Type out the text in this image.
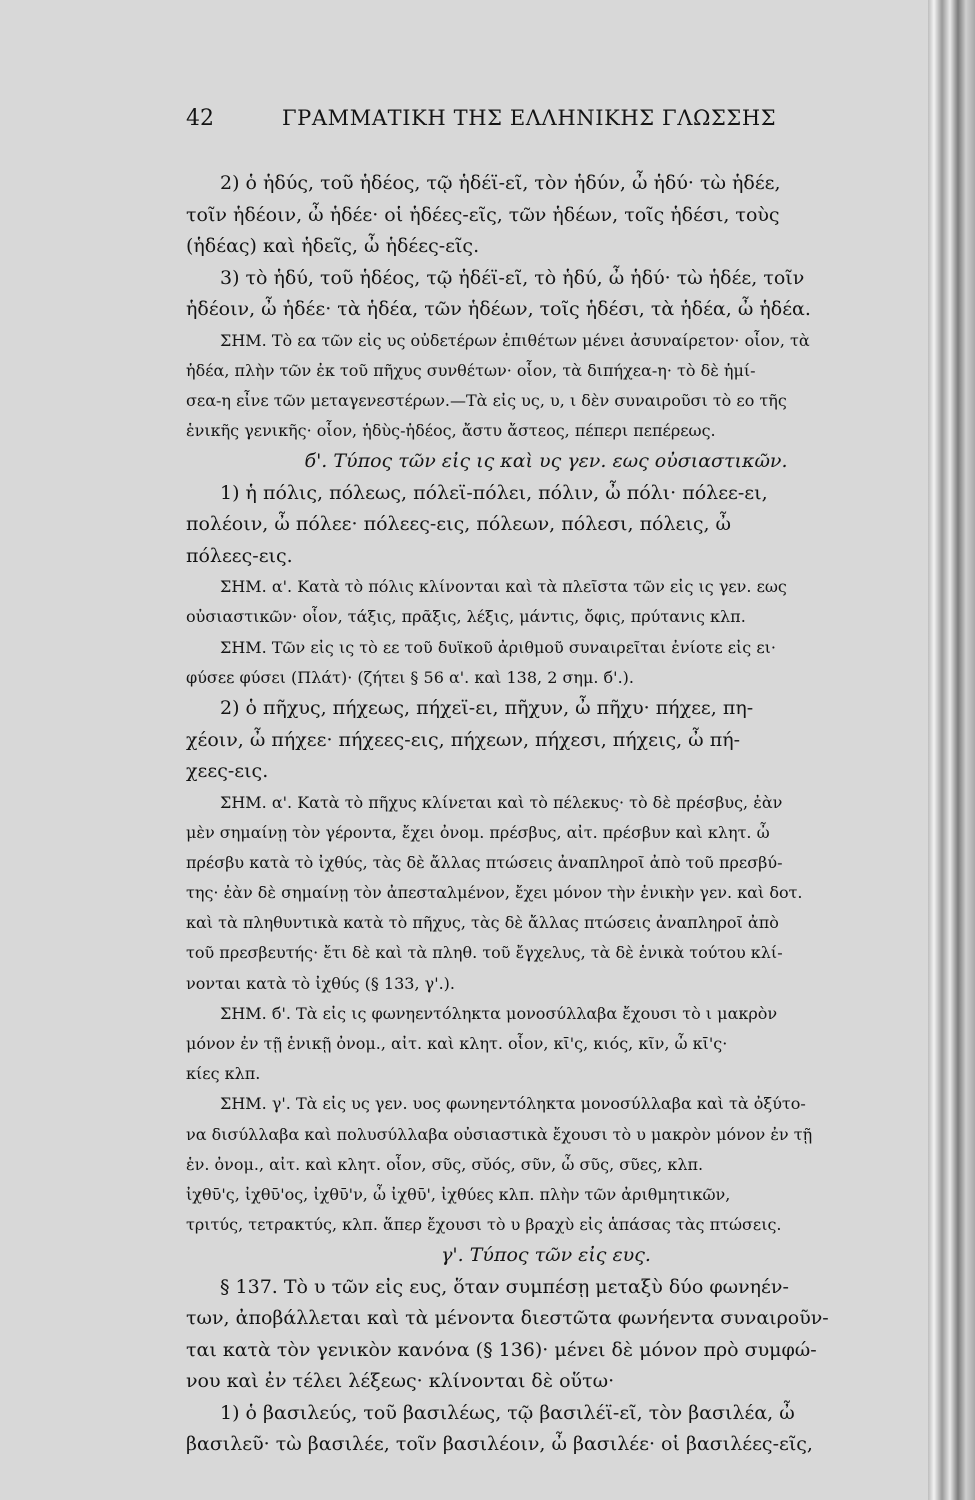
42	ΓΡΑΜΜΑΤΙΚΗ ΤΗΣ ΕΛΛΗΝΙΚΗΣ ΓΛΩΣΣΗΣ
2) ὁ ἡδύς, τοῦ ἡδέος, τῷ ἡδέϊ-εῖ, τὸν ἡδύν, ὦ ἡδύ· τὼ ἡδέε,
τοῖν ἡδέοιν, ὦ ἡδέε· οἱ ἡδέες-εῖς, τῶν ἡδέων, τοῖς ἡδέσι, τοὺς
(ἡδέας) καὶ ἡδεῖς, ὦ ἡδέες-εῖς.
3) τὸ ἡδύ, τοῦ ἡδέος, τῷ ἡδέϊ-εῖ, τὸ ἡδύ, ὦ ἡδύ· τὼ ἡδέε, τοῖν
ἡδέοιν, ὦ ἡδέε· τὰ ἡδέα, τῶν ἡδέων, τοῖς ἡδέσι, τὰ ἡδέα, ὦ ἡδέα.
ΣΗΜ. Τὸ εα τῶν εἰς υς οὐδετέρων ἐπιθέτων μένει ἀσυναίρετον· οἷον, τὰ
ἡδέα, πλὴν τῶν ἐκ τοῦ πῆχυς συνθέτων· οἷον, τὰ διπήχεα-η· τὸ δὲ ἡμί-
σεα-η εἶνε τῶν μεταγενεστέρων.—Τὰ εἰς υς, υ, ι δὲν συναιροῦσι τὸ εο τῆς
ἑνικῆς γενικῆς· οἷον, ἡδὺς-ἡδέος, ἄστυ ἄστεος, πέπερι πεπέρεως.
б'. Τύπος τῶν εἰς ις καὶ υς γεν. εως οὐσιαστικῶν.
1) ἡ πόλις, πόλεως, πόλεϊ-πόλει, πόλιν, ὦ πόλι· πόλεε-ει,
πολέοιν, ὦ πόλεε· πόλεες-εις, πόλεων, πόλεσι, πόλεις, ὦ
πόλεες-εις.
ΣΗΜ. α'. Κατὰ τὸ πόλις κλίνονται καὶ τὰ πλεῖστα τῶν εἰς ις γεν. εως
οὐσιαστικῶν· οἷον, τάξις, πρᾶξις, λέξις, μάντις, ὄφις, πρύτανις κλπ.
ΣΗΜ. Τῶν εἰς ις τὸ εε τοῦ δυϊκοῦ ἀριθμοῦ συναιρεῖται ἐνίοτε εἰς ει·
φύσεε φύσει (Πλάτ)· (ζήτει § 56 α'. καὶ 138, 2 σημ. б'.).
2) ὁ πῆχυς, πήχεως, πήχεϊ-ει, πῆχυν, ὦ πῆχυ· πήχεε, πη-
χέοιν, ὦ πήχεε· πήχεες-εις, πήχεων, πήχεσι, πήχεις, ὦ πή-
χεες-εις.
ΣΗΜ. α'. Κατὰ τὸ πῆχυς κλίνεται καὶ τὸ πέλεκυς· τὸ δὲ πρέσβυς, ἐὰν
μὲν σημαίνῃ τὸν γέροντα, ἔχει ὀνομ. πρέσβυς, αἰτ. πρέσβυν καὶ κλητ. ὦ
πρέσβυ κατὰ τὸ ἰχθύς, τὰς δὲ ἄλλας πτώσεις ἀναπληροῖ ἀπὸ τοῦ πρεσβύ-
της· ἐὰν δὲ σημαίνῃ τὸν ἀπεσταλμένον, ἔχει μόνον τὴν ἑνικὴν γεν. καὶ δοτ.
καὶ τὰ πληθυντικὰ κατὰ τὸ πῆχυς, τὰς δὲ ἄλλας πτώσεις ἀναπληροῖ ἀπὸ
τοῦ πρεσβευτής· ἔτι δὲ καὶ τὰ πληθ. τοῦ ἔγχελυς, τὰ δὲ ἑνικὰ τούτου κλί-
νονται κατὰ τὸ ἰχθύς (§ 133, γ'.).
ΣΗΜ. б'. Τὰ εἰς ις φωνηεντόληκτα μονοσύλλαβα ἔχουσι τὸ ι μακρὸν
μόνον ἐν τῇ ἑνικῇ ὀνομ., αἰτ. καὶ κλητ. οἷον, κῑ'ς, κιός, κῖν, ὦ κῑ'ς·
κίες κλπ.
ΣΗΜ. γ'. Τὰ εἰς υς γεν. υος φωνηεντόληκτα μονοσύλλαβα καὶ τὰ ὀξύτο-
να δισύλλαβα καὶ πολυσύλλαβα οὐσιαστικὰ ἔχουσι τὸ υ μακρὸν μόνον ἐν τῇ
ἑν. ὀνομ., αἰτ. καὶ κλητ. οἷον, σῦς, σῠός, σῦν, ὦ σῦς, σῦες, κλπ.
ἰχθῡ'ς, ἰχθῡ'ος, ἰχθῡ'ν, ὦ ἰχθῡ', ἰχθύες κλπ. πλὴν τῶν ἀριθμητικῶν,
τριτύς, τετρακτύς, κλπ. ἅπερ ἔχουσι τὸ υ βραχὺ εἰς ἁπάσας τὰς πτώσεις.
γ'. Τύπος τῶν εἰς ευς.
§ 137. Τὸ υ τῶν εἰς ευς, ὅταν συμπέσῃ μεταξὺ δύο φωνηέν-
των, ἀποβάλλεται καὶ τὰ μένοντα διεστῶτα φωνήεντα συναιροῦν-
ται κατὰ τὸν γενικὸν κανόνα (§ 136)· μένει δὲ μόνον πρὸ συμφώ-
νου καὶ ἐν τέλει λέξεως· κλίνονται δὲ οὕτω·
1) ὁ βασιλεύς, τοῦ βασιλέως, τῷ βασιλέϊ-εῖ, τὸν βασιλέα, ὦ
βασιλεῦ· τὼ βασιλέε, τοῖν βασιλέοιν, ὦ βασιλέε· οἱ βασιλέες-εῖς,
